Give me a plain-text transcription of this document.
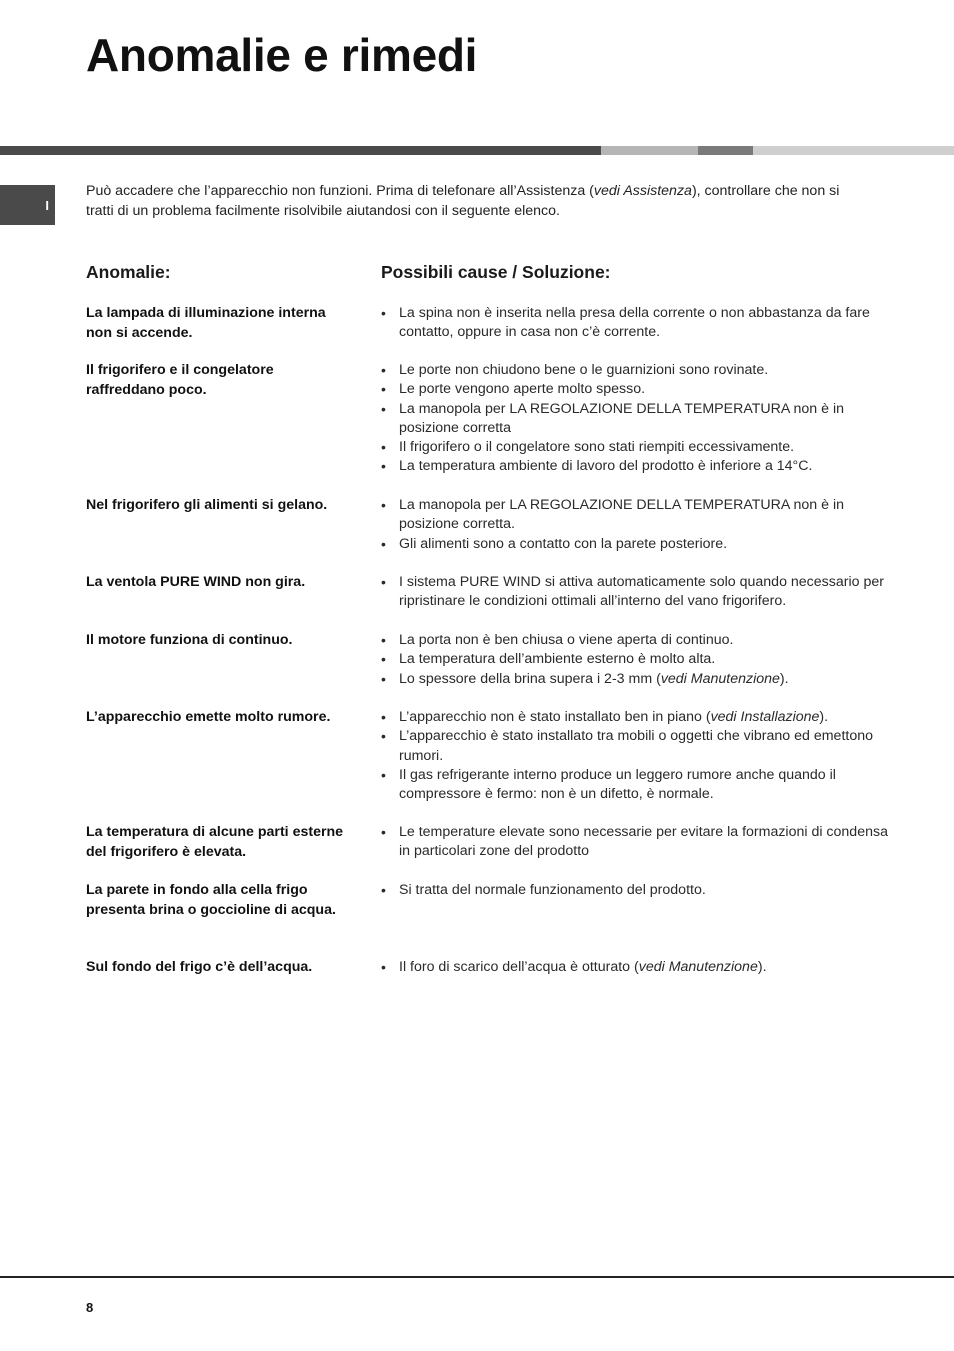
Anomalie e rimedi
I
Può accadere che l’apparecchio non funzioni. Prima di telefonare all’Assistenza (vedi Assistenza), controllare che non si tratti di un problema facilmente risolvibile aiutandosi con il seguente elenco.
Anomalie:	Possibili cause / Soluzione:
La lampada di illuminazione interna non si accende.
• La spina non è inserita nella presa della corrente o non abbastanza da fare contatto, oppure in casa non c’è corrente.
Il frigorifero e il congelatore raffreddano poco.
• Le porte non chiudono bene o le guarnizioni sono rovinate.
• Le porte vengono aperte molto spesso.
• La manopola per LA REGOLAZIONE DELLA TEMPERATURA non è in posizione corretta
• Il frigorifero o il congelatore sono stati riempiti eccessivamente.
• La temperatura ambiente di lavoro del prodotto è inferiore a 14°C.
Nel frigorifero gli alimenti si gelano.	• La manopola per LA REGOLAZIONE DELLA TEMPERATURA non è in posizione corretta.
• Gli alimenti sono a contatto con la parete posteriore.
La ventola PURE WIND non gira.	• I sistema PURE WIND si attiva automaticamente solo quando necessario per ripristinare le condizioni ottimali all’interno del vano frigorifero.
Il motore funziona di continuo.	• La porta non è ben chiusa o viene aperta di continuo.
• La temperatura dell’ambiente esterno è molto alta.
• Lo spessore della brina supera i 2-3 mm (vedi Manutenzione).
L’apparecchio emette molto rumore.	• L’apparecchio non è stato installato ben in piano (vedi Installazione).
• L’apparecchio è stato installato tra mobili o oggetti che vibrano ed emettono rumori.
• Il gas refrigerante interno produce un leggero rumore anche quando il compressore è fermo: non è un difetto, è normale.
La temperatura di alcune parti esterne del frigorifero è elevata.
• Le temperature elevate sono necessarie per evitare la formazioni di condensa in particolari zone del prodotto
La parete in fondo alla cella frigo presenta brina o goccioline di acqua.
• Si tratta del normale funzionamento del prodotto.
Sul fondo del frigo c’è dell’acqua.	• Il foro di scarico dell’acqua è otturato (vedi Manutenzione).
8
